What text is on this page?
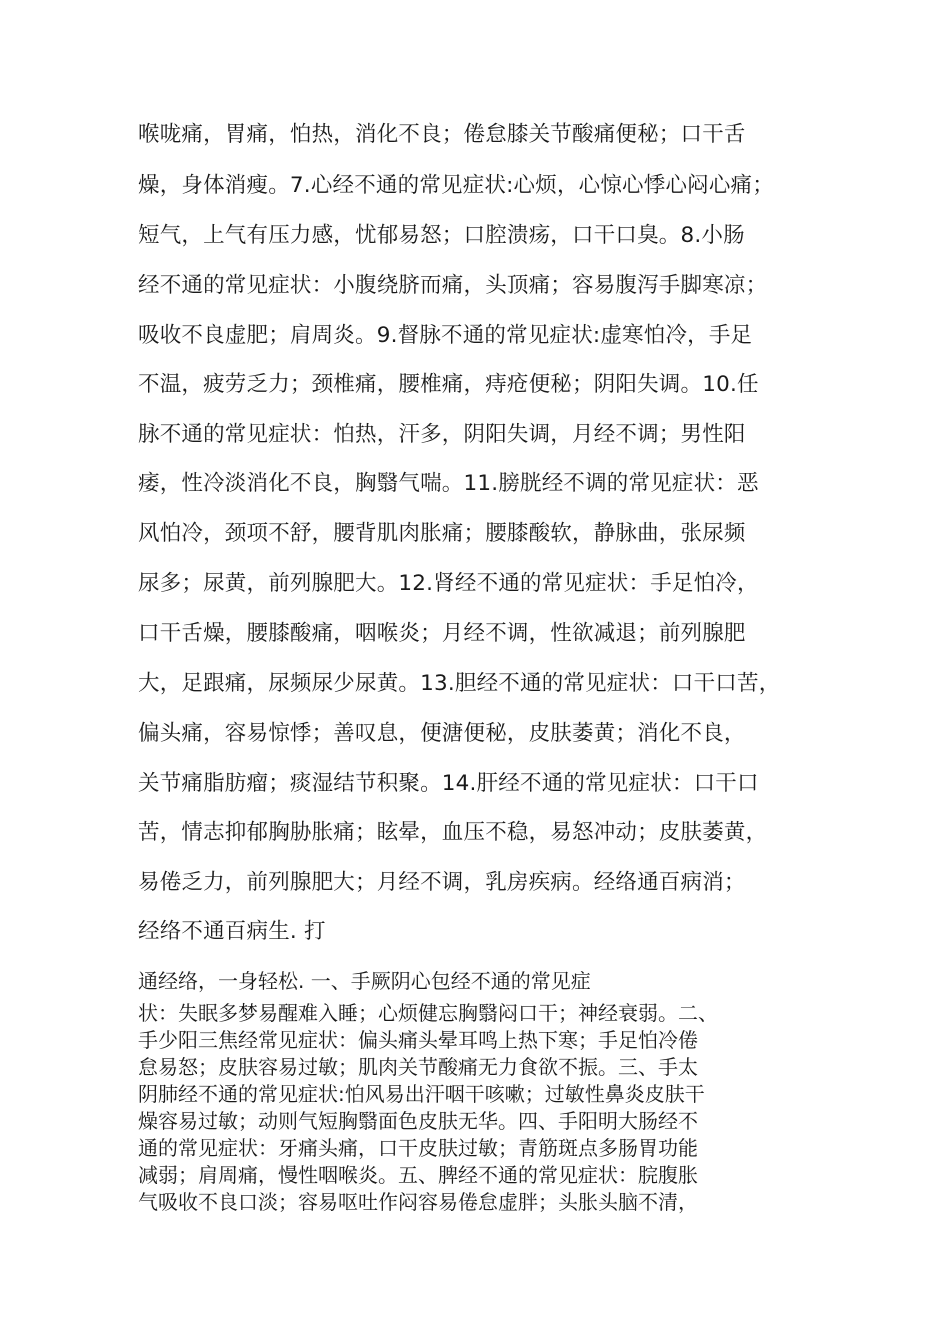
喉咙痛，胃痛，怕热，消化不良；倦怠膝关节酸痛便秘；口干舌
燥，身体消瘦。7.心经不通的常见症状:心烦，心惊心悸心闷心痛；
短气，上气有压力感，忧郁易怒；口腔溃疡，口干口臭。8.小肠
经不通的常见症状：小腹绕脐而痛，头顶痛；容易腹泻手脚寒凉；
吸收不良虚肥；肩周炎。9.督脉不通的常见症状:虚寒怕冷，手足
不温，疲劳乏力；颈椎痛，腰椎痛，痔疮便秘；阴阳失调。10.任
脉不通的常见症状：怕热，汗多，阴阳失调，月经不调；男性阳
痿，性冷淡消化不良，胸翳气喘。11.膀胱经不调的常见症状：恶
风怕冷，颈项不舒，腰背肌肉胀痛；腰膝酸软，静脉曲，张尿频
尿多；尿黄，前列腺肥大。12.肾经不通的常见症状：手足怕冷，
口干舌燥，腰膝酸痛，咽喉炎；月经不调，性欲减退；前列腺肥
大，足跟痛，尿频尿少尿黄。13.胆经不通的常见症状：口干口苦，
偏头痛，容易惊悸；善叹息，便溏便秘，皮肤萎黄；消化不良，
关节痛脂肪瘤；痰湿结节积聚。14.肝经不通的常见症状：口干口
苦，情志抑郁胸胁胀痛；眩晕，血压不稳，易怒冲动；皮肤萎黄，
易倦乏力，前列腺肥大；月经不调，乳房疾病。经络通百病消；
经络不通百病生. 打
通经络，一身轻松. 一、手厥阴心包经不通的常见症
状：失眠多梦易醒难入睡；心烦健忘胸翳闷口干；神经衰弱。二、
手少阳三焦经常见症状：偏头痛头晕耳鸣上热下寒；手足怕冷倦
怠易怒；皮肤容易过敏；肌肉关节酸痛无力食欲不振。三、手太
阴肺经不通的常见症状:怕风易出汗咽干咳嗽；过敏性鼻炎皮肤干
燥容易过敏；动则气短胸翳面色皮肤无华。四、手阳明大肠经不
通的常见症状：牙痛头痛，口干皮肤过敏；青筋斑点多肠胃功能
减弱；肩周痛，慢性咽喉炎。五、脾经不通的常见症状：脘腹胀
气吸收不良口淡；容易呕吐作闷容易倦怠虚胖；头胀头脑不清，
